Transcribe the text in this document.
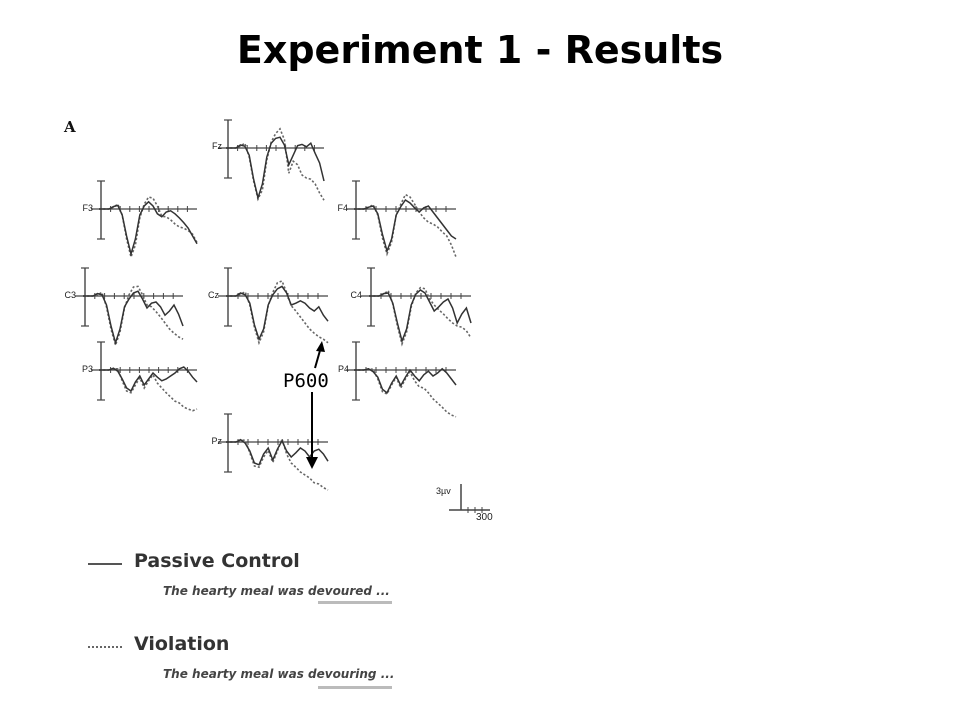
Experiment 1 - Results
A
Fz
F3	F4
C3	Cz	C4
P3	P4
Pz
P600
3µv
300
Passive Control
The hearty meal was devoured ...
Violation
The hearty meal was devouring ...
